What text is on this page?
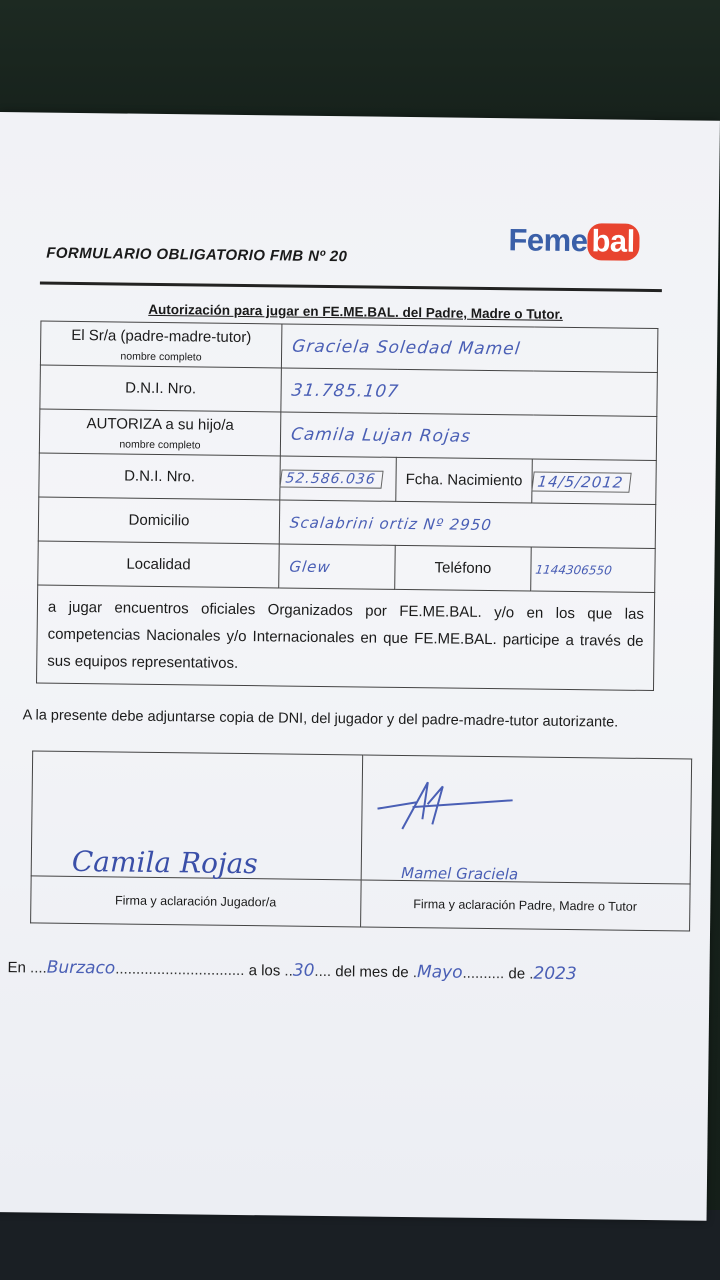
Feme bal
FORMULARIO OBLIGATORIO FMB Nº 20
Autorización para jugar en FE.ME.BAL. del Padre, Madre o Tutor.
El Sr/a (padre-madre-tutor)
nombre completo	Graciela Soledad Mamel		
D.N.I. Nro.	31.785.107		

AUTORIZA a su hijo/a
nombre completo	Camila Lujan Rojas		
D.N.I. Nro.	52.586.036	Fcha. Nacimiento	14/5/2012
Domicilio	Scalabrini ortiz Nº 2950		
Localidad	Glew	Teléfono	1144306550

a jugar encuentros oficiales Organizados por FE.ME.BAL. y/o en los que las competencias Nacionales y/o Internacionales en que FE.ME.BAL. participe a través de sus equipos representativos.			
A la presente debe adjuntarse copia de DNI, del jugador y del padre-madre-tutor autorizante.
Camila Rojas	Mamel Graciela

Firma y aclaración Jugador/a	Firma y aclaración Padre, Madre o Tutor
En ....Burzaco............................... a los ..30.... del mes de .Mayo.......... de .2023
